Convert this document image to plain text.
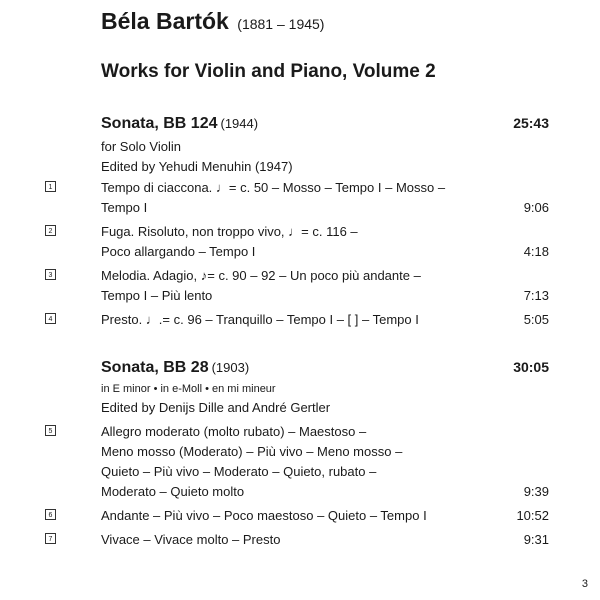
Béla Bartók (1881 – 1945)
Works for Violin and Piano, Volume 2
Sonata, BB 124 (1944)	25:43
for Solo Violin
Edited by Yehudi Menuhin (1947)
1	Tempo di ciaccona. ♩= c. 50 – Mosso – Tempo I – Mosso –
Tempo I	9:06
2	Fuga. Risoluto, non troppo vivo, ♩= c. 116 –
Poco allargando – Tempo I	4:18
3	Melodia. Adagio, ♪= c. 90 – 92 – Un poco più andante –
Tempo I – Più lento	7:13
4	Presto. ♩.= c. 96 – Tranquillo – Tempo I – [ ] – Tempo I	5:05
Sonata, BB 28 (1903)	30:05
in E minor • in e-Moll • en mi mineur
Edited by Denijs Dille and André Gertler
5	Allegro moderato (molto rubato) – Maestoso –
Meno mosso (Moderato) – Più vivo – Meno mosso –
Quieto – Più vivo – Moderato – Quieto, rubato –
Moderato – Quieto molto	9:39
6	Andante – Più vivo – Poco maestoso – Quieto – Tempo I	10:52
7	Vivace – Vivace molto – Presto	9:31
3
